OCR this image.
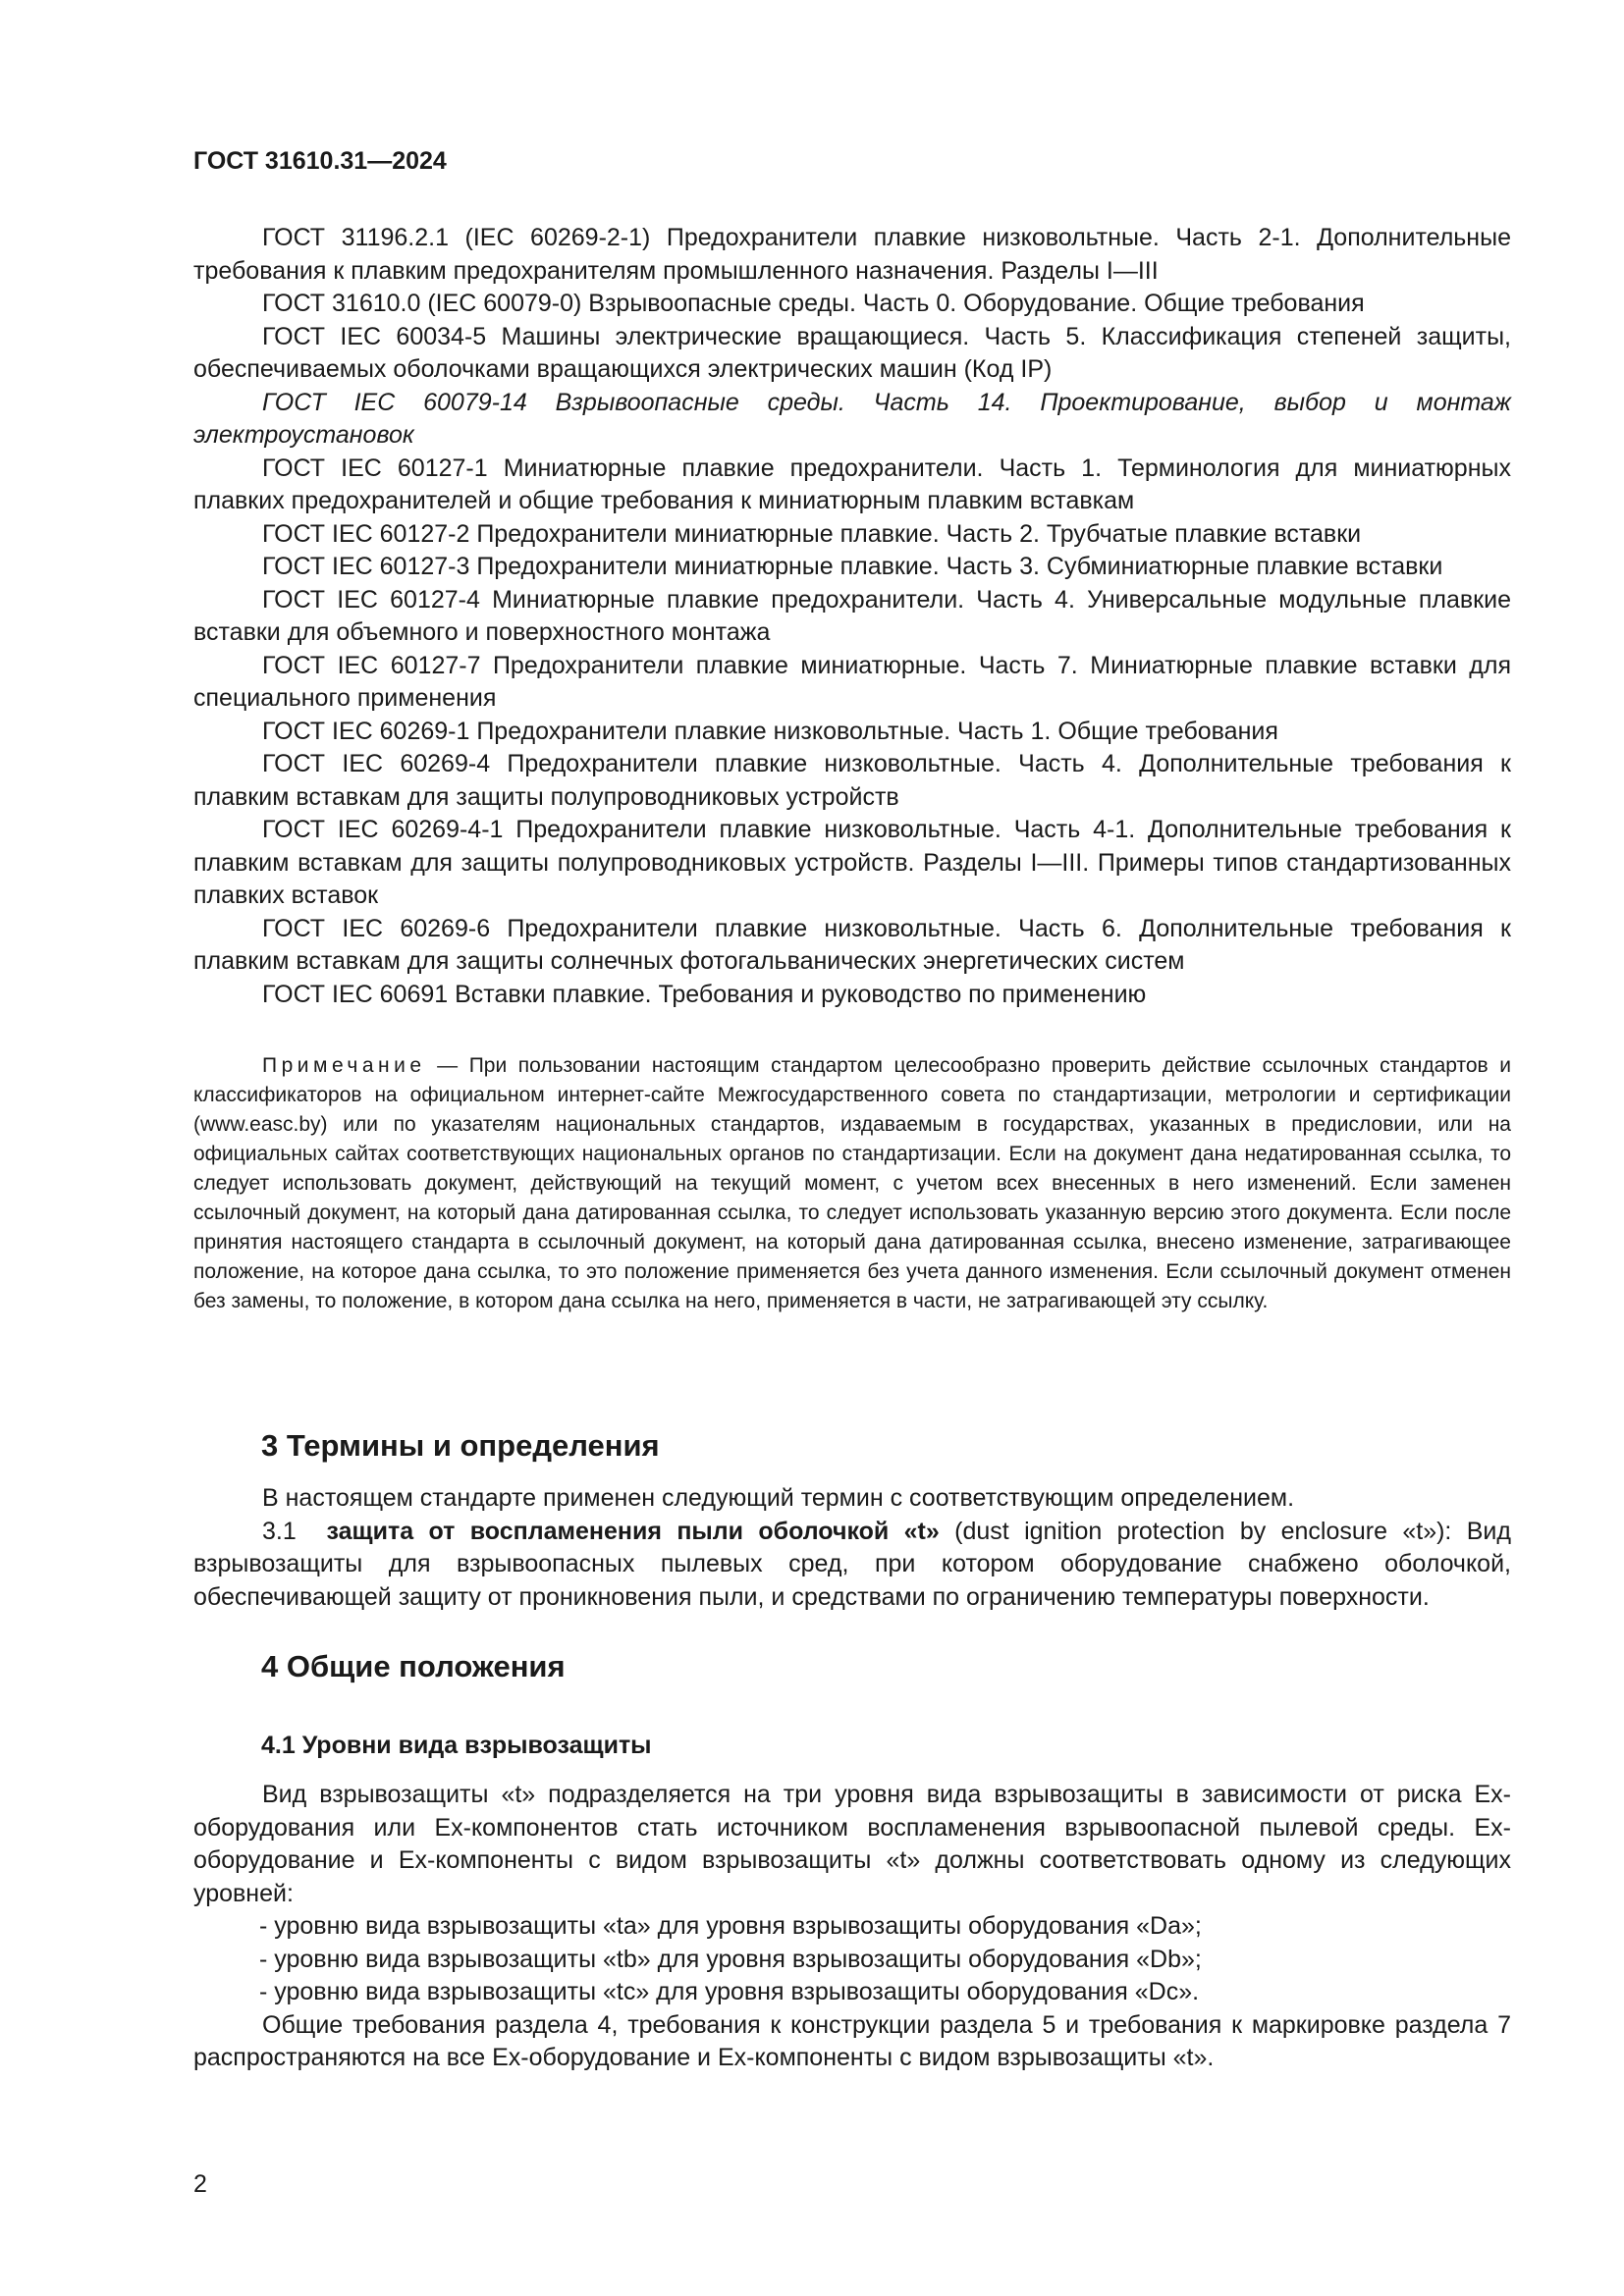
ГОСТ 31610.31—2024

ГОСТ 31196.2.1 (IEC 60269-2-1) Предохранители плавкие низковольтные. Часть 2-1. Дополнительные требования к плавким предохранителям промышленного назначения. Разделы I—III

ГОСТ 31610.0 (IEC 60079-0) Взрывоопасные среды. Часть 0. Оборудование. Общие требования

ГОСТ IEC 60034-5 Машины электрические вращающиеся. Часть 5. Классификация степеней защиты, обеспечиваемых оболочками вращающихся электрических машин (Код IP)

ГОСТ IEC 60079-14 Взрывоопасные среды. Часть 14. Проектирование, выбор и монтаж электроустановок

ГОСТ IEC 60127-1 Миниатюрные плавкие предохранители. Часть 1. Терминология для миниатюрных плавких предохранителей и общие требования к миниатюрным плавким вставкам

ГОСТ IEC 60127-2 Предохранители миниатюрные плавкие. Часть 2. Трубчатые плавкие вставки

ГОСТ IEC 60127-3 Предохранители миниатюрные плавкие. Часть 3. Субминиатюрные плавкие вставки

ГОСТ IEC 60127-4 Миниатюрные плавкие предохранители. Часть 4. Универсальные модульные плавкие вставки для объемного и поверхностного монтажа

ГОСТ IEC 60127-7 Предохранители плавкие миниатюрные. Часть 7. Миниатюрные плавкие вставки для специального применения

ГОСТ IEC 60269-1 Предохранители плавкие низковольтные. Часть 1. Общие требования

ГОСТ IEC 60269-4 Предохранители плавкие низковольтные. Часть 4. Дополнительные требования к плавким вставкам для защиты полупроводниковых устройств

ГОСТ IEC 60269-4-1 Предохранители плавкие низковольтные. Часть 4-1. Дополнительные требования к плавким вставкам для защиты полупроводниковых устройств. Разделы I—III. Примеры типов стандартизованных плавких вставок

ГОСТ IEC 60269-6 Предохранители плавкие низковольтные. Часть 6. Дополнительные требования к плавким вставкам для защиты солнечных фотогальванических энергетических систем

ГОСТ IEC 60691 Вставки плавкие. Требования и руководство по применению

Примечание — При пользовании настоящим стандартом целесообразно проверить действие ссылочных стандартов и классификаторов на официальном интернет-сайте Межгосударственного совета по стандартизации, метрологии и сертификации (www.easc.by) или по указателям национальных стандартов, издаваемым в государствах, указанных в предисловии, или на официальных сайтах соответствующих национальных органов по стандартизации. Если на документ дана недатированная ссылка, то следует использовать документ, действующий на текущий момент, с учетом всех внесенных в него изменений. Если заменен ссылочный документ, на который дана датированная ссылка, то следует использовать указанную версию этого документа. Если после принятия настоящего стандарта в ссылочный документ, на который дана датированная ссылка, внесено изменение, затрагивающее положение, на которое дана ссылка, то это положение применяется без учета данного изменения. Если ссылочный документ отменен без замены, то положение, в котором дана ссылка на него, применяется в части, не затрагивающей эту ссылку.
3 Термины и определения

В настоящем стандарте применен следующий термин с соответствующим определением.

3.1 защита от воспламенения пыли оболочкой «t» (dust ignition protection by enclosure «t»): Вид взрывозащиты для взрывоопасных пылевых сред, при котором оборудование снабжено оболочкой, обеспечивающей защиту от проникновения пыли, и средствами по ограничению температуры поверхности.

4 Общие положения
4.1 Уровни вида взрывозащиты

Вид взрывозащиты «t» подразделяется на три уровня вида взрывозащиты в зависимости от риска Ex-оборудования или Ex-компонентов стать источником воспламенения взрывоопасной пылевой среды. Ex-оборудование и Ex-компоненты с видом взрывозащиты «t» должны соответствовать одному из следующих уровней:

- уровню вида взрывозащиты «ta» для уровня взрывозащиты оборудования «Da»;

- уровню вида взрывозащиты «tb» для уровня взрывозащиты оборудования «Db»;

- уровню вида взрывозащиты «tc» для уровня взрывозащиты оборудования «Dc».

Общие требования раздела 4, требования к конструкции раздела 5 и требования к маркировке раздела 7 распространяются на все Ex-оборудование и Ex-компоненты с видом взрывозащиты «t».

2
